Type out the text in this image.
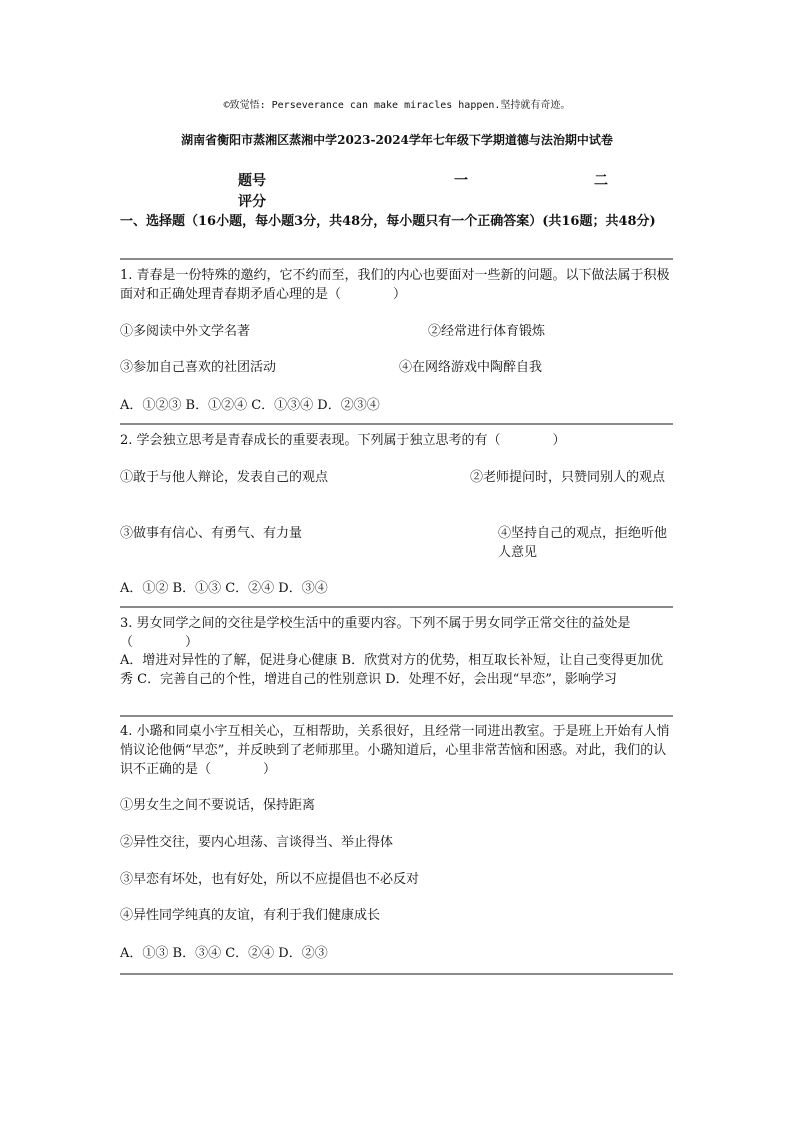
©致觉悟: Perseverance can make miracles happen.坚持就有奇迹。
湖南省衡阳市蒸湘区蒸湘中学2023-2024学年七年级下学期道德与法治期中试卷
题号	一	二
评分
一、选择题（16小题，每小题3分，共48分，每小题只有一个正确答案）(共16题；共48分)
1. 青春是一份特殊的邀约，它不约而至，我们的内心也要面对一些新的问题。以下做法属于积极面对和正确处理青春期矛盾心理的是（　　　　）
①多阅读中外文学名著	②经常进行体育锻炼
③参加自己喜欢的社团活动	④在网络游戏中陶醉自我
A．①②③ B．①②④ C．①③④ D．②③④
2. 学会独立思考是青春成长的重要表现。下列属于独立思考的有（　　　　）
①敢于与他人辩论，发表自己的观点	②老师提问时，只赞同别人的观点
③做事有信心、有勇气、有力量	④坚持自己的观点，拒绝听他人意见
A．①② B．①③ C．②④ D．③④
3. 男女同学之间的交往是学校生活中的重要内容。下列不属于男女同学正常交往的益处是（　　　　）
A．增进对异性的了解，促进身心健康 B．欣赏对方的优势，相互取长补短，让自己变得更加优秀 C．完善自己的个性，增进自己的性别意识 D．处理不好，会出现“早恋”，影响学习
4. 小璐和同桌小宇互相关心，互相帮助，关系很好，且经常一同进出教室。于是班上开始有人悄悄议论他俩“早恋”，并反映到了老师那里。小璐知道后，心里非常苦恼和困惑。对此，我们的认识不正确的是（　　　　）
①男女生之间不要说话，保持距离
②异性交往，要内心坦荡、言谈得当、举止得体
③早恋有坏处，也有好处，所以不应提倡也不必反对
④异性同学纯真的友谊，有利于我们健康成长
A．①③ B．③④ C．②④ D．②③
